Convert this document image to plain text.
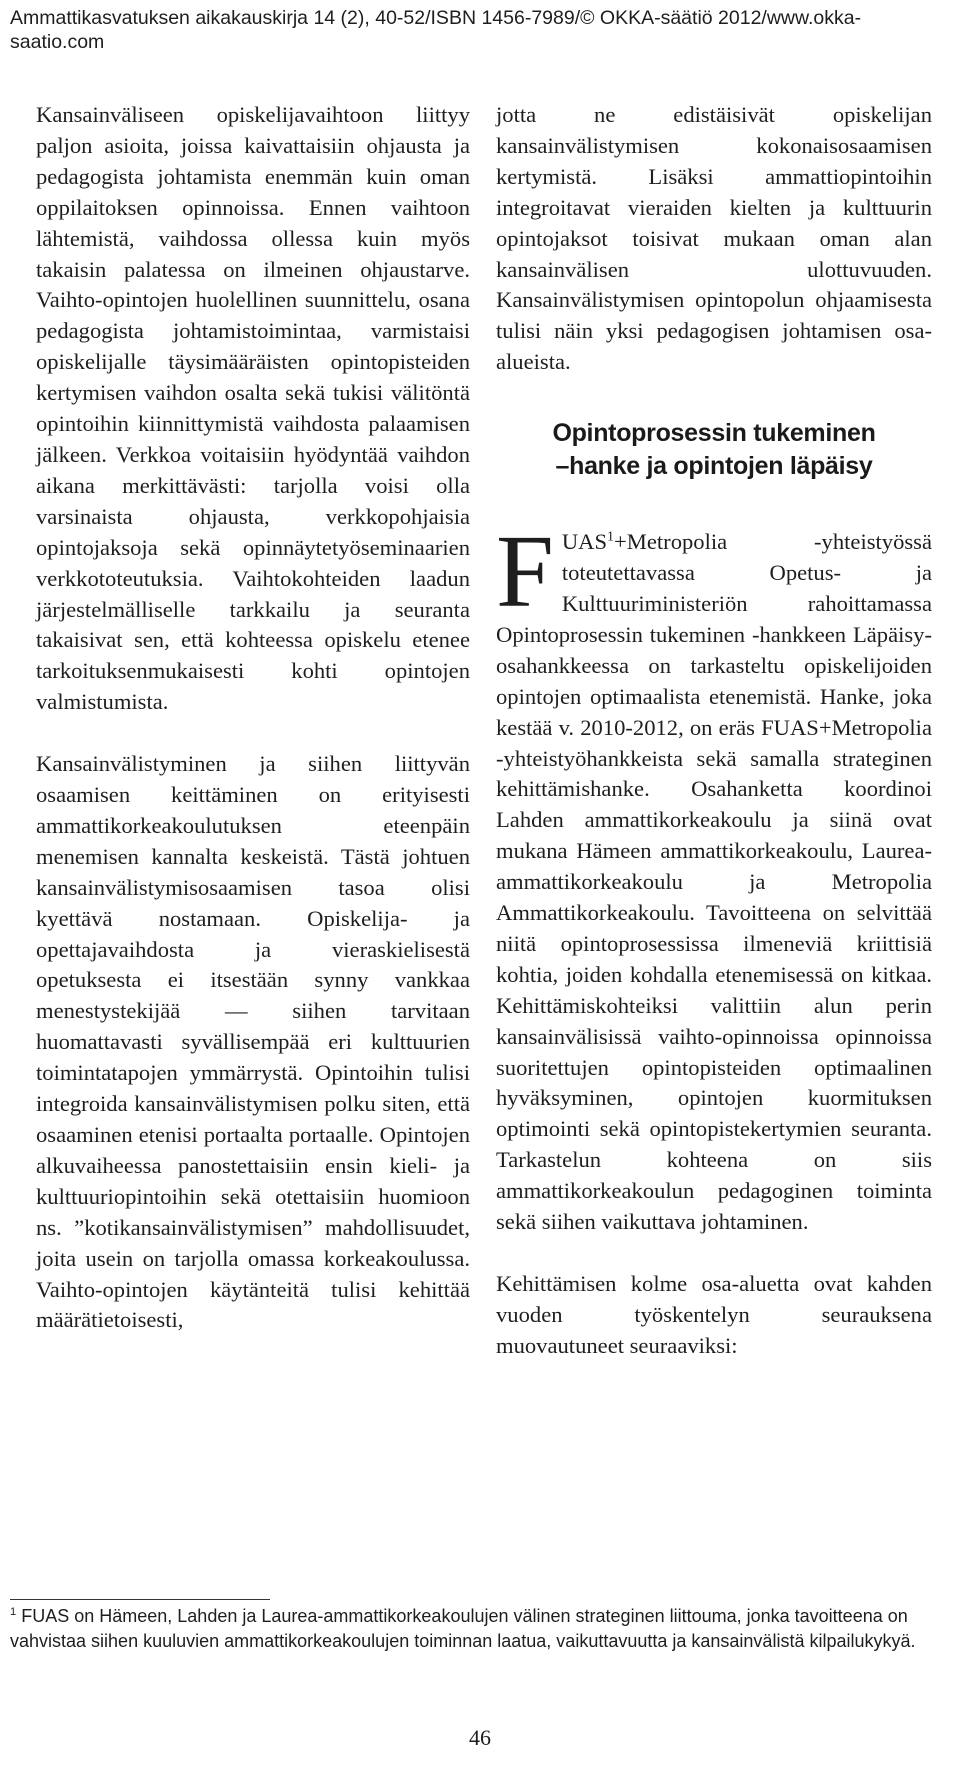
Ammattikasvatuksen aikakauskirja 14 (2), 40-52/ISBN 1456-7989/© OKKA-säätiö 2012/www.okka-saatio.com

Kansainväliseen opiskelijavaihtoon liittyy paljon asioita, joissa kaivattaisiin ohjausta ja pedagogista johtamista enemmän kuin oman oppilaitoksen opinnoissa. Ennen vaihtoon lähtemistä, vaihdossa ollessa kuin myös takaisin palatessa on ilmeinen ohjaustarve. Vaihto-opintojen huolellinen suunnittelu, osana pedagogista johtamistoimintaa, varmistaisi opiskelijalle täysimääräisten opintopisteiden kertymisen vaihdon osalta sekä tukisi välitöntä opintoihin kiinnittymistä vaihdosta palaamisen jälkeen. Verkkoa voitaisiin hyödyntää vaihdon aikana merkittävästi: tarjolla voisi olla varsinaista ohjausta, verkkopohjaisia opintojaksoja sekä opinnäytetyöseminaarien verkkototeutuksia. Vaihtokohteiden laadun järjestelmälliselle tarkkailu ja seuranta takaisivat sen, että kohteessa opiskelu etenee tarkoituksenmukaisesti kohti opintojen valmistumista.

Kansainvälistyminen ja siihen liittyvän osaamisen keittäminen on erityisesti ammattikorkeakoulutuksen eteenpäin menemisen kannalta keskeistä. Tästä johtuen kansainvälistymisosaamisen tasoa olisi kyettävä nostamaan. Opiskelija- ja opettajavaihdosta ja vieraskielisestä opetuksesta ei itsestään synny vankkaa menestystekijää — siihen tarvitaan huomattavasti syvällisempää eri kulttuurien toimintatapojen ymmärrystä. Opintoihin tulisi integroida kansainvälistymisen polku siten, että osaaminen etenisi portaalta portaalle. Opintojen alkuvaiheessa panostettaisiin ensin kieli- ja kulttuuriopintoihin sekä otettaisiin huomioon ns. ”kotikansainvälistymisen” mahdollisuudet, joita usein on tarjolla omassa korkeakoulussa. Vaihto-opintojen käytänteitä tulisi kehittää määrätietoisesti,

jotta ne edistäisivät opiskelijan kansainvälistymisen kokonaisosaamisen kertymistä. Lisäksi ammattiopintoihin integroitavat vieraiden kielten ja kulttuurin opintojaksot toisivat mukaan oman alan kansainvälisen ulottuvuuden. Kansainvälistymisen opintopolun ohjaamisesta tulisi näin yksi pedagogisen johtamisen osa-alueista.

Opintoprosessin tukeminen
–hanke ja opintojen läpäisy

$FUAS^1+Metropolia$ -yhteistyössä toteutettavassa Opetus- ja Kulttuuriministeriön rahoittamassa Opintoprosessin tukeminen -hankkeen Läpäisy-osahankkeessa on tarkasteltu opiskelijoiden opintojen optimaalista etenemistä. Hanke, joka kestää v. 2010-2012, on eräs FUAS+Metropolia -yhteistyöhankkeista sekä samalla strateginen kehittämishanke. Osahanketta koordinoi Lahden ammattikorkeakoulu ja siinä ovat mukana Hämeen ammattikorkeakoulu, Laurea-ammattikorkeakoulu ja Metropolia Ammattikorkeakoulu. Tavoitteena on selvittää niitä opintoprosessissa ilmeneviä kriittisiä kohtia, joiden kohdalla etenemisessä on kitkaa. Kehittämiskohteiksi valittiin alun perin kansainvälisissä vaihto-opinnoissa opinnoissa suoritettujen opintopisteiden optimaalinen hyväksyminen, opintojen kuormituksen optimointi sekä opintopistekertymien seuranta. Tarkastelun kohteena on siis ammattikorkeakoulun pedagoginen toiminta sekä siihen vaikuttava johtaminen.

Kehittämisen kolme osa-aluetta ovat kahden vuoden työskentelyn seurauksena muovautuneet seuraaviksi:

$^1$ FUAS on Hämeen, Lahden ja Laurea-ammattikorkeakoulujen välinen strateginen liittouma, jonka tavoitteena on vahvistaa siihen kuuluvien ammattikorkeakoulujen toiminnan laatua, vaikuttavuutta ja kansainvälistä kilpailukykyä.
46
